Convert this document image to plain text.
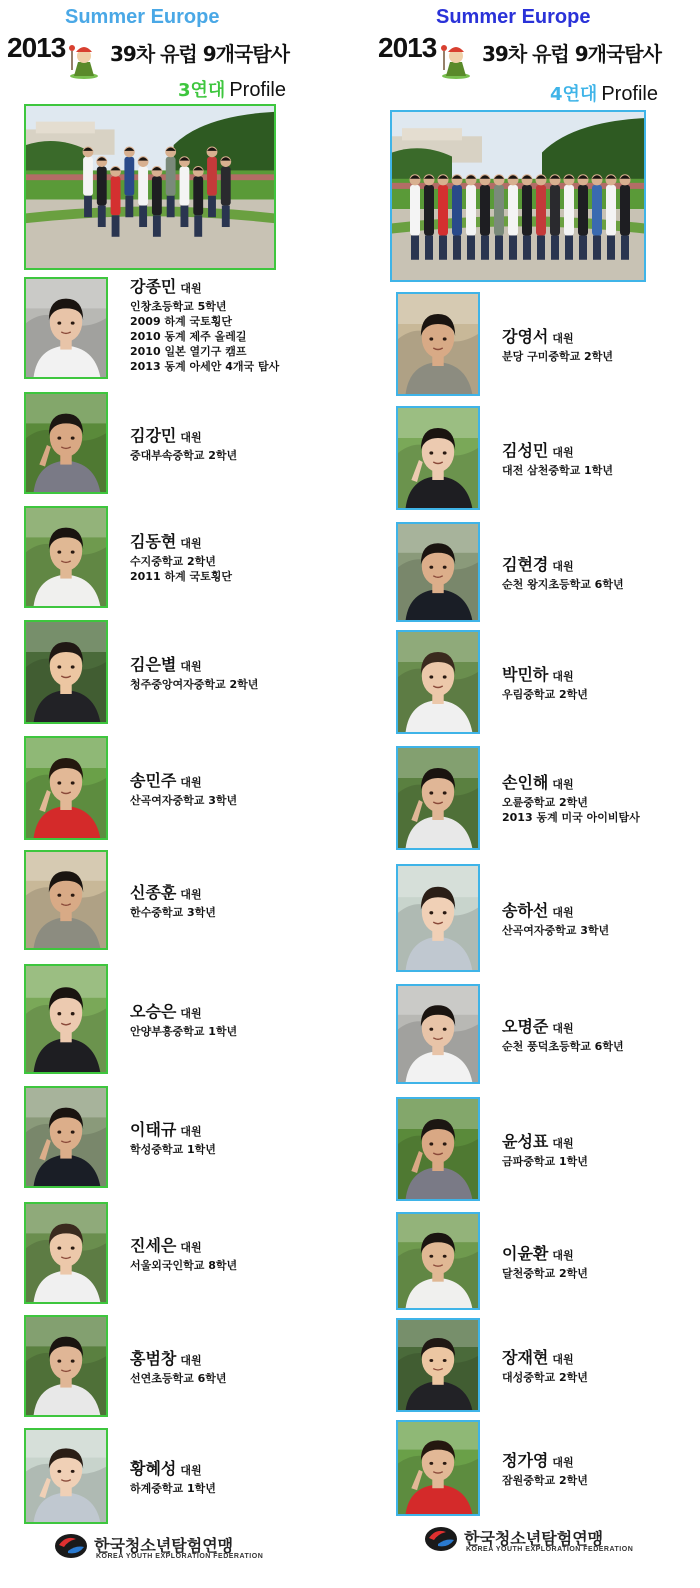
Summer Europe
2013 39차 유럽 9개국탐사
3연대 Profile
강종민 대원
인창초등학교 5학년
2009 하계 국토횡단
2010 동계 제주 올레길
2010 일본 열기구 캠프
2013 동계 아세안 4개국 탐사
김강민 대원
중대부속중학교 2학년
김동현 대원
수지중학교 2학년
2011 하계 국토횡단
김은별 대원
청주중앙여자중학교 2학년
송민주 대원
산곡여자중학교 3학년
신종훈 대원
한수중학교 3학년
오승은 대원
안양부흥중학교 1학년
이태규 대원
학성중학교 1학년
진세은 대원
서울외국인학교 8학년
홍범창 대원
선연초등학교 6학년
황혜성 대원
하계중학교 1학년
한국청소년탐험연맹
KOREA YOUTH EXPLORATION FEDERATION
Summer Europe
2013 39차 유럽 9개국탐사
4연대 Profile
강영서 대원
분당 구미중학교 2학년
김성민 대원
대전 삼천중학교 1학년
김현경 대원
순천 왕지초등학교 6학년
박민하 대원
우림중학교 2학년
손인해 대원
오륜중학교 2학년
2013 동계 미국 아이비탐사
송하선 대원
산곡여자중학교 3학년
오명준 대원
순천 풍덕초등학교 6학년
윤성표 대원
금파중학교 1학년
이윤환 대원
달천중학교 2학년
장재현 대원
대성중학교 2학년
정가영 대원
잠원중학교 2학년
한국청소년탐험연맹
KOREA YOUTH EXPLORATION FEDERATION
